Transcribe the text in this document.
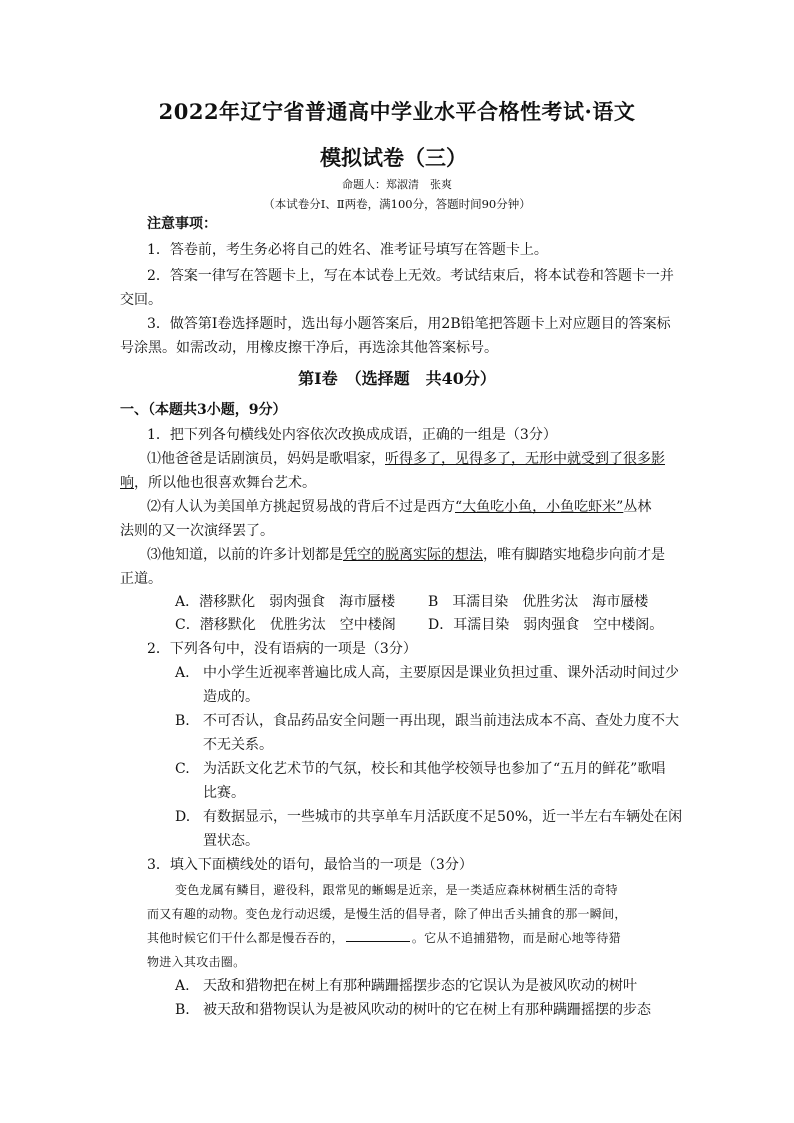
2022年辽宁省普通高中学业水平合格性考试·语文
模拟试卷（三）
命题人：郑淑清　张爽
（本试卷分Ⅰ、Ⅱ两卷，满100分，答题时间90分钟）
注意事项：
1．答卷前，考生务必将自己的姓名、准考证号填写在答题卡上。
2．答案一律写在答题卡上，写在本试卷上无效。考试结束后，将本试卷和答题卡一并
交回。
3．做答第Ⅰ卷选择题时，选出每小题答案后，用2B铅笔把答题卡上对应题目的答案标
号涂黑。如需改动，用橡皮擦干净后，再选涂其他答案标号。
第Ⅰ卷　（选择题　共40分）
一、（本题共3小题，9分）
1．把下列各句横线处内容依次改换成成语，正确的一组是（3分）
⑴他爸爸是话剧演员，妈妈是歌唱家，听得多了，见得多了，无形中就受到了很多影
响，所以他也很喜欢舞台艺术。
⑵有人认为美国单方挑起贸易战的背后不过是西方“大鱼吃小鱼，小鱼吃虾米”丛林
法则的又一次演绎罢了。
⑶他知道，以前的许多计划都是凭空的脱离实际的想法，唯有脚踏实地稳步向前才是
正道。
A．潜移默化　弱肉强食　海市蜃楼 B　耳濡目染　优胜劣汰　海市蜃楼
C．潜移默化　优胜劣汰　空中楼阁 D．耳濡目染　弱肉强食　空中楼阁。
2．下列各句中，没有语病的一项是（3分）
A. 中小学生近视率普遍比成人高，主要原因是课业负担过重、课外活动时间过少
造成的。
B. 不可否认，食品药品安全问题一再出现，跟当前违法成本不高、查处力度不大
不无关系。
C. 为活跃文化艺术节的气氛，校长和其他学校领导也参加了“五月的鲜花”歌唱
比赛。
D. 有数据显示，一些城市的共享单车月活跃度不足50%，近一半左右车辆处在闲
置状态。
3．填入下面横线处的语句，最恰当的一项是（3分）
变色龙属有鳞目，避役科，跟常见的蜥蜴是近亲，是一类适应森林树栖生活的奇特
而又有趣的动物。变色龙行动迟缓，是慢生活的倡导者，除了伸出舌头捕食的那一瞬间，
其他时候它们干什么都是慢吞吞的，	。它从不追捕猎物，而是耐心地等待猎
物进入其攻击圈。
A. 天敌和猎物把在树上有那种蹒跚摇摆步态的它误认为是被风吹动的树叶
B. 被天敌和猎物误认为是被风吹动的树叶的它在树上有那种蹒跚摇摆的步态
